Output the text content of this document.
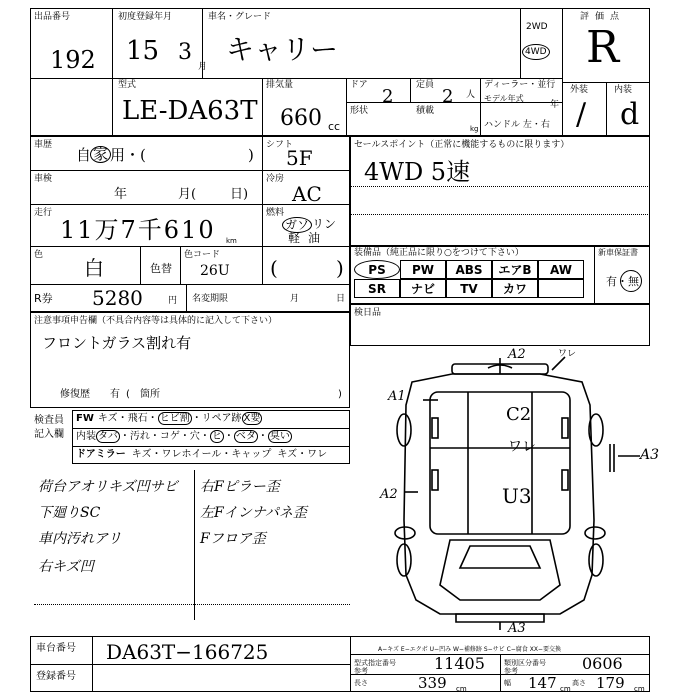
出品番号
192
初度登録年月
15 3
月
車名・グレード
キャリー
2WD
4WD
評価点
R
型式
LE-DA63T
排気量
660 cc
ドア
2
定員
2 人
ディーラー・並行
モデル年式
年
形状	積載
kg ハンドル 左・右
外装	内装
/ d
車歴
自 家 用・(	)
車検
年	月(	日)
シフト
5F
冷房
AC
走行
11万7千610 km
燃料
ガソ リン
軽油
色
白	色替
色コード
26U (	)
R券 5280	円 名変期限	月	日
セールスポイント（正常に機能するものに限ります）
4WD 5速
装備品（純正品に限り○をつけて下さい）	新車保証書
有・無
検日品
注意事項申告欄（不具合内容等は具体的に記入して下さい）
フロントガラス割れ有
修復歴 有 ( 箇所	)
検査員
記入欄
FW キズ・飛石・ ヒビ割 ・リペア跡 X要
内装 タバ ・汚れ・コゲ・穴・ ヒ ・ ベタ ・ 臭い
ドアミラー キズ・ワレホイール・キャップ キズ・ワレ
A2	ワレ
A1
C2
ワレ	A3
A2	U3
A3
A−キズ E−エクボ U−凹み W−補修跡 S−サビ C−腐食 XX−要交換
車台番号 DA63T−166725
登録番号
型式指定番号
参考	11405	類別区分番号
参考	0606
長さ	339 cm
幅 147 cm
高さ 179 cm
PS	PW	ABS	エアB	AW
SR	ナビ	TV	カワ
荷台アオリキズ凹サビ
下廻りSC
車内汚れアリ
右キズ凹
右Fピラー歪
左Fインナパネ歪
Fフロア歪
